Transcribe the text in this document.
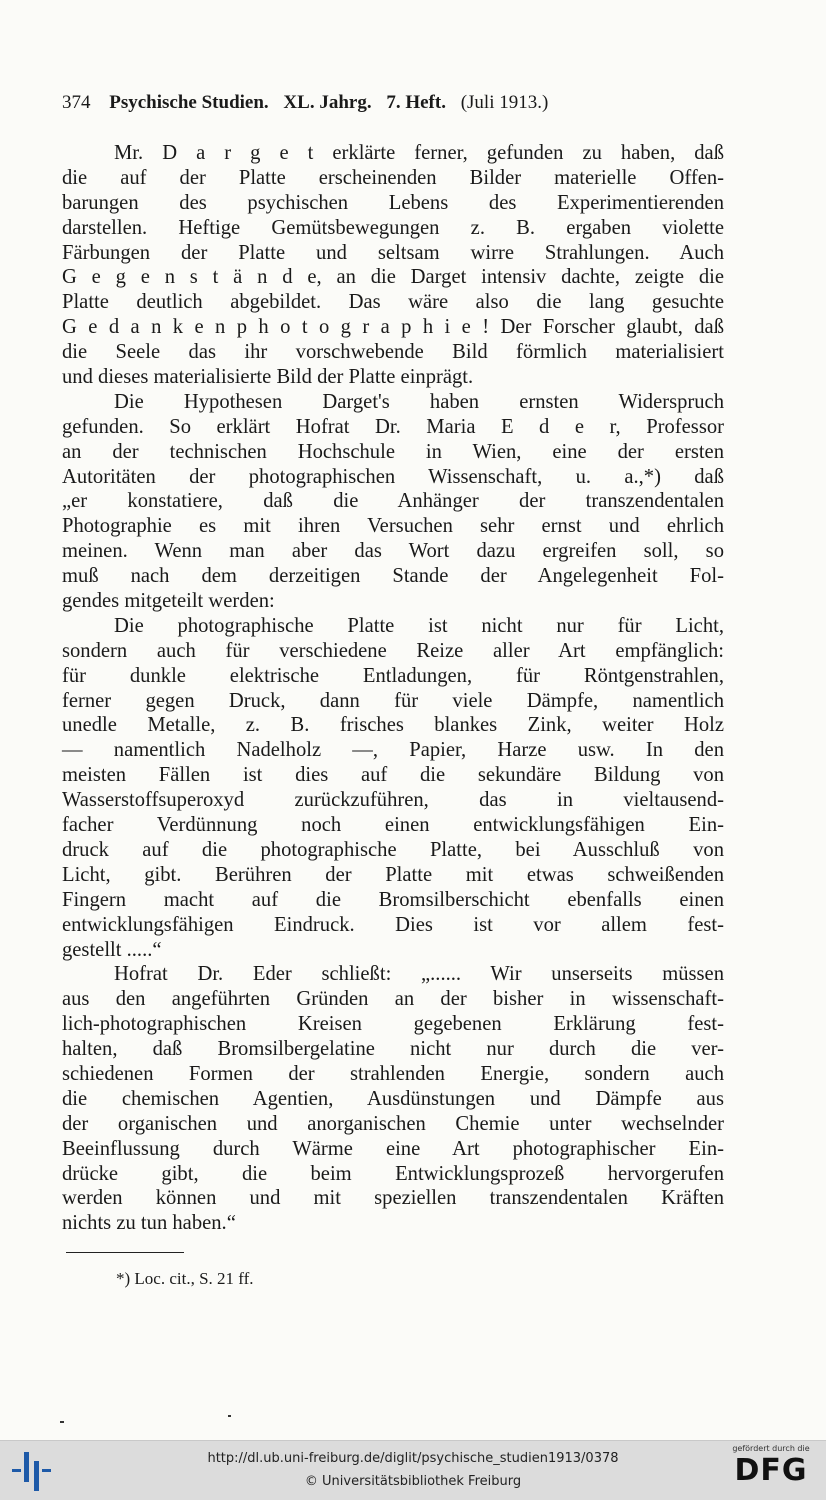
374 Psychische Studien. XL. Jahrg. 7. Heft. (Juli 1913.)
Mr. D a r g e t erklärte ferner, gefunden zu haben, daß
die auf der Platte erscheinenden Bilder materielle Offen-
barungen des psychischen Lebens des Experimentierenden
darstellen. Heftige Gemütsbewegungen z. B. ergaben violette
Färbungen der Platte und seltsam wirre Strahlungen. Auch
G e g e n s t ä n d e, an die Darget intensiv dachte, zeigte die
Platte deutlich abgebildet. Das wäre also die lang gesuchte
G e d a n k e n p h o t o g r a p h i e ! Der Forscher glaubt, daß
die Seele das ihr vorschwebende Bild förmlich materialisiert
und dieses materialisierte Bild der Platte einprägt.
Die Hypothesen Darget's haben ernsten Widerspruch
gefunden. So erklärt Hofrat Dr. Maria E d e r, Professor
an der technischen Hochschule in Wien, eine der ersten
Autoritäten der photographischen Wissenschaft, u. a.,*) daß
„er konstatiere, daß die Anhänger der transzendentalen
Photographie es mit ihren Versuchen sehr ernst und ehrlich
meinen. Wenn man aber das Wort dazu ergreifen soll, so
muß nach dem derzeitigen Stande der Angelegenheit Fol-
gendes mitgeteilt werden:
Die photographische Platte ist nicht nur für Licht,
sondern auch für verschiedene Reize aller Art empfänglich:
für dunkle elektrische Entladungen, für Röntgenstrahlen,
ferner gegen Druck, dann für viele Dämpfe, namentlich
unedle Metalle, z. B. frisches blankes Zink, weiter Holz
— namentlich Nadelholz —, Papier, Harze usw. In den
meisten Fällen ist dies auf die sekundäre Bildung von
Wasserstoffsuperoxyd zurückzuführen, das in vieltausend-
facher Verdünnung noch einen entwicklungsfähigen Ein-
druck auf die photographische Platte, bei Ausschluß von
Licht, gibt. Berühren der Platte mit etwas schweißenden
Fingern macht auf die Bromsilberschicht ebenfalls einen
entwicklungsfähigen Eindruck. Dies ist vor allem fest-
gestellt .....“
Hofrat Dr. Eder schließt: „...... Wir unserseits müssen
aus den angeführten Gründen an der bisher in wissenschaft-
lich-photographischen Kreisen gegebenen Erklärung fest-
halten, daß Bromsilbergelatine nicht nur durch die ver-
schiedenen Formen der strahlenden Energie, sondern auch
die chemischen Agentien, Ausdünstungen und Dämpfe aus
der organischen und anorganischen Chemie unter wechselnder
Beeinflussung durch Wärme eine Art photographischer Ein-
drücke gibt, die beim Entwicklungsprozeß hervorgerufen
werden können und mit speziellen transzendentalen Kräften
nichts zu tun haben.“
*) Loc. cit., S. 21 ff.
http://dl.ub.uni-freiburg.de/diglit/psychische_studien1913/0378
© Universitätsbibliothek Freiburg
gefördert durch die
DFG
